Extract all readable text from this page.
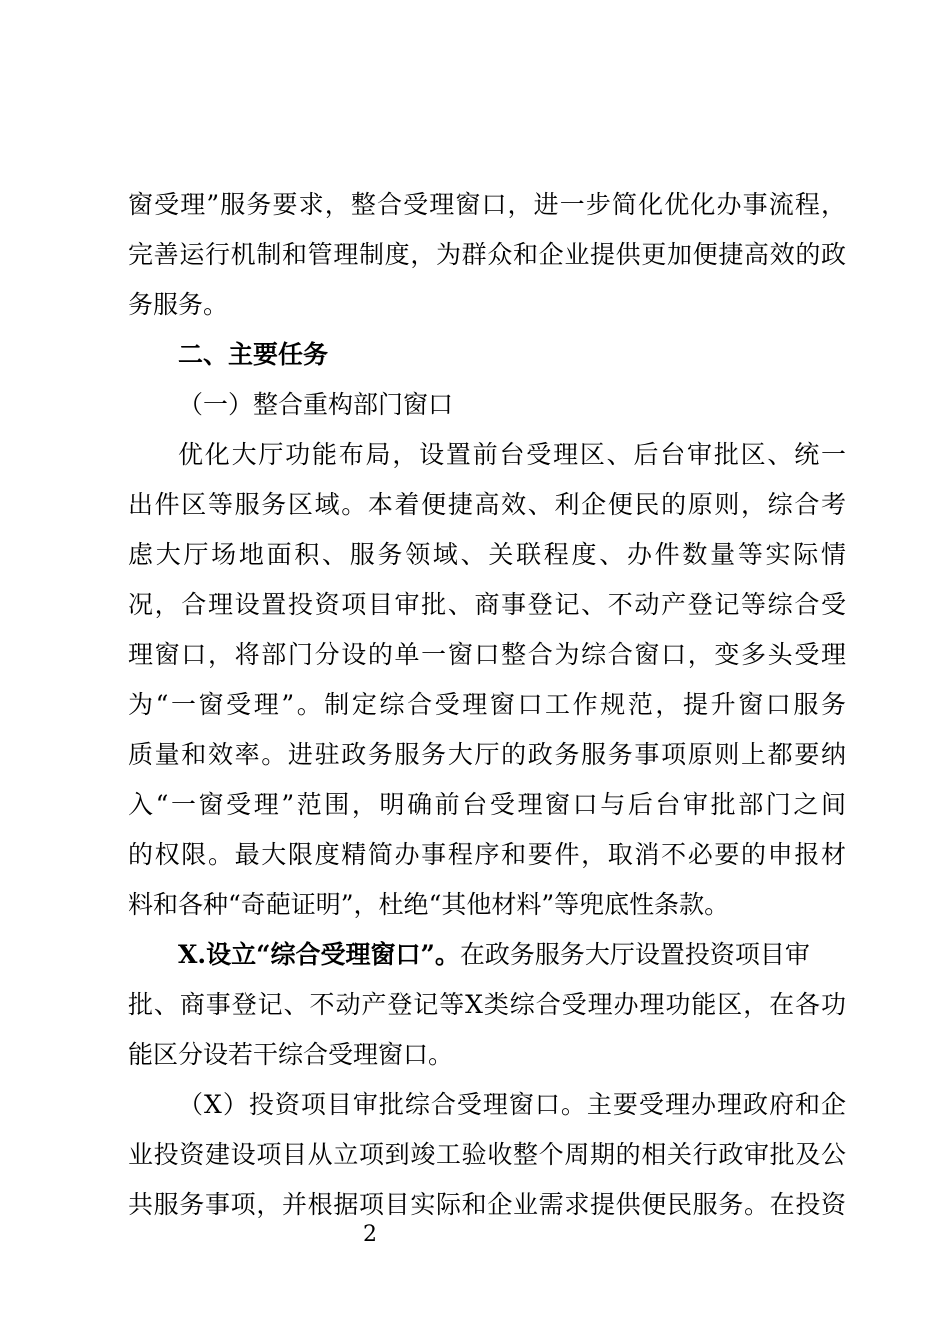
窗受理”服务要求，整合受理窗口，进一步简化优化办事流程，
完善运行机制和管理制度，为群众和企业提供更加便捷高效的政
务服务。
二、主要任务
（一）整合重构部门窗口
优化大厅功能布局，设置前台受理区、后台审批区、统一
出件区等服务区域。本着便捷高效、利企便民的原则，综合考
虑大厅场地面积、服务领域、关联程度、办件数量等实际情
况，合理设置投资项目审批、商事登记、不动产登记等综合受
理窗口，将部门分设的单一窗口整合为综合窗口，变多头受理
为“一窗受理”。制定综合受理窗口工作规范，提升窗口服务
质量和效率。进驻政务服务大厅的政务服务事项原则上都要纳
入“一窗受理”范围，明确前台受理窗口与后台审批部门之间
的权限。最大限度精简办事程序和要件，取消不必要的申报材
料和各种“奇葩证明”，杜绝“其他材料”等兜底性条款。
X.设立“综合受理窗口”。在政务服务大厅设置投资项目审
批、商事登记、不动产登记等X类综合受理办理功能区，在各功
能区分设若干综合受理窗口。
（X）投资项目审批综合受理窗口。主要受理办理政府和企
业投资建设项目从立项到竣工验收整个周期的相关行政审批及公
共服务事项，并根据项目实际和企业需求提供便民服务。在投资
2
